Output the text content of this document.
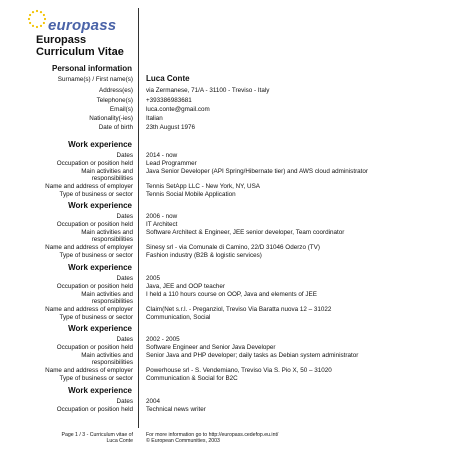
europass
Europass
Curriculum Vitae
Personal information
Surname(s) / First name(s) Luca Conte
Address(es) via Zermanese, 71/A - 31100 - Treviso - Italy
Telephone(s) +393386983681
Email(s) luca.conte@gmail.com
Nationality(-ies) Italian
Date of birth 23th August 1976
Work experience
Dates 2014 - now
Occupation or position held Lead Programmer
Main activities and Java Senior Developer (API Spring/Hibernate tier) and AWS cloud administrator
responsibilities
Name and address of employer Tennis SetApp LLC - New York, NY, USA
Type of business or sector Tennis Social Mobile Application
Work experience
Dates 2006 - now
Occupation or position held IT Architect
Main activities and Software Architect & Engineer, JEE senior developer, Team coordinator
responsibilities
Name and address of employer Sinesy srl - via Comunale di Camino, 22/D 31046 Oderzo (TV)
Type of business or sector Fashion industry (B2B & logistic services)
Work experience
Dates 2005
Occupation or position held Java, JEE and OOP teacher
Main activities and I held a 110 hours course on OOP, Java and elements of JEE
responsibilities
Name and address of employer Claim(Net s.r.l. - Preganziol, Treviso Via Baratta nuova 12 – 31022
Type of business or sector Communication, Social
Work experience
Dates 2002 - 2005
Occupation or position held Software Engineer and Senior Java Developer
Main activities and Senior Java and PHP developer; daily tasks as Debian system administrator
responsibilities
Name and address of employer Powerhouse srl - S. Vendemiano, Treviso Via S. Pio X, 50 – 31020
Type of business or sector Communication & Social for B2C
Work experience
Dates 2004
Occupation or position held Technical news writer
Page 1 / 3 - Curriculum vitae of
Luca Conte
For more information go to http://europass.cedefop.eu.int/
© European Communities, 2003
